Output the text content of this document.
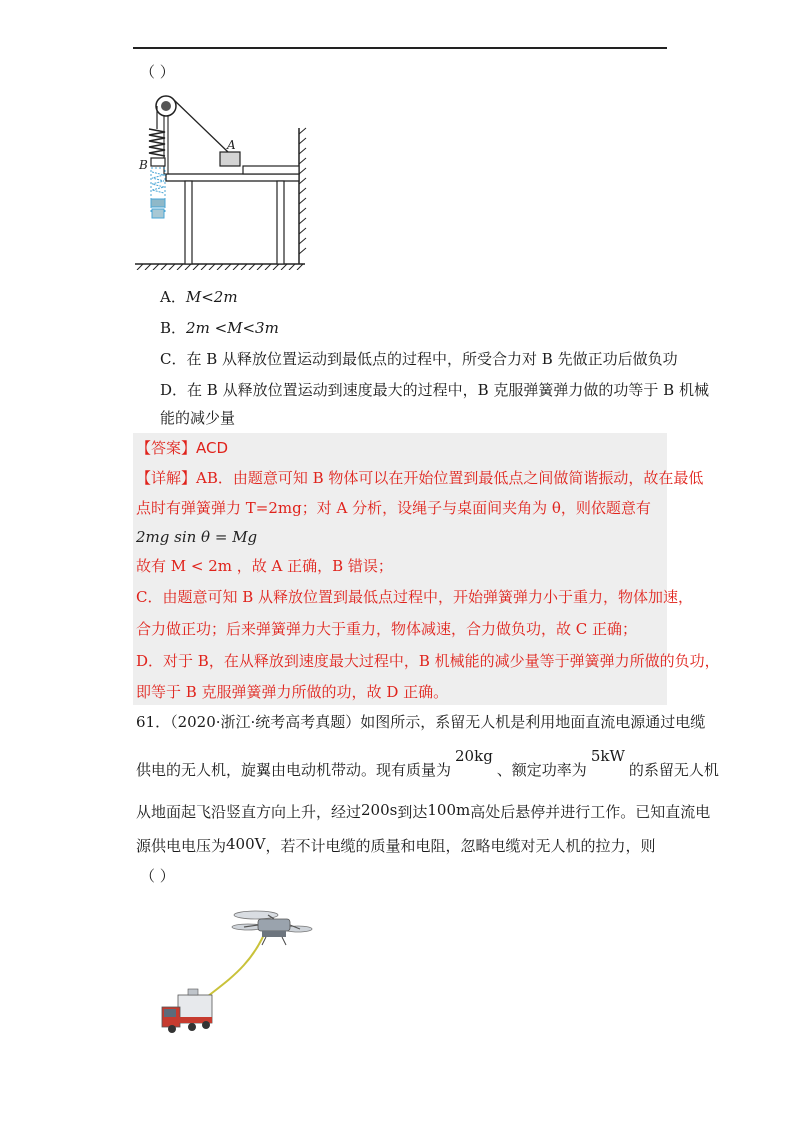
（ ）
A
B
A．M<2m
B．2m <M<3m
C．在 B 从释放位置运动到最低点的过程中，所受合力对 B 先做正功后做负功
D．在 B 从释放位置运动到速度最大的过程中，B 克服弹簧弹力做的功等于 B 机械
能的减少量
【答案】ACD
【详解】AB．由题意可知 B 物体可以在开始位置到最低点之间做简谐振动，故在最低
点时有弹簧弹力 T=2mg；对 A 分析，设绳子与桌面间夹角为 θ，则依题意有
2mg sin θ = Mg
故有 M < 2m ，故 A 正确，B 错误；
C．由题意可知 B 从释放位置到最低点过程中，开始弹簧弹力小于重力，物体加速，
合力做正功；后来弹簧弹力大于重力，物体减速，合力做负功，故 C 正确；
D．对于 B，在从释放到速度最大过程中，B 机械能的减少量等于弹簧弹力所做的负功，
即等于 B 克服弹簧弹力所做的功，故 D 正确。
61．（2020·浙江·统考高考真题）如图所示，系留无人机是利用地面直流电源通过电缆
供电的无人机，旋翼由电动机带动。现有质量为20kg、额定功率为5kW的系留无人机
从地面起飞沿竖直方向上升，经过200s到达100m高处后悬停并进行工作。已知直流电
源供电电压为400V，若不计电缆的质量和电阻，忽略电缆对无人机的拉力，则
（ ）
